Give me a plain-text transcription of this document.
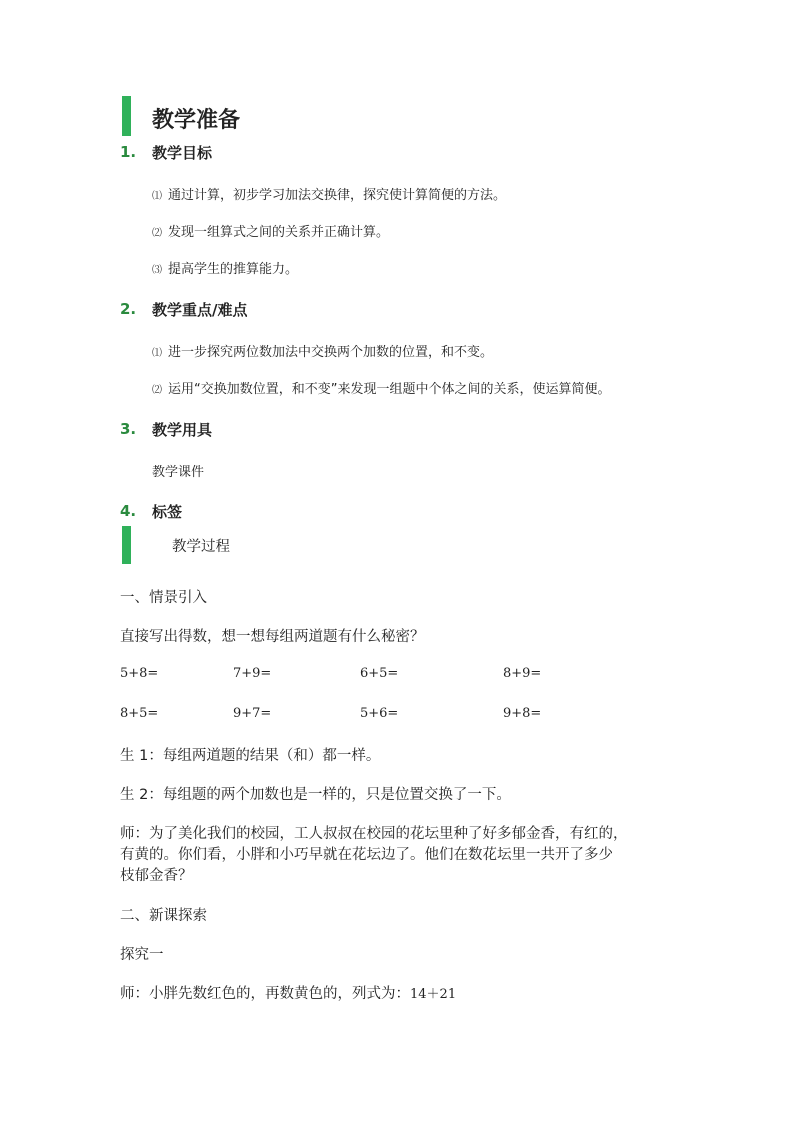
教学准备
1. 教学目标
⑴ 通过计算，初步学习加法交换律，探究使计算简便的方法。
⑵ 发现一组算式之间的关系并正确计算。
⑶ 提高学生的推算能力。
2. 教学重点/难点
⑴ 进一步探究两位数加法中交换两个加数的位置，和不变。
⑵ 运用“交换加数位置，和不变”来发现一组题中个体之间的关系，使运算简便。
3. 教学用具
教学课件
4. 标签
教学过程
一、情景引入
直接写出得数，想一想每组两道题有什么秘密？
5+8=	7+9=	6+5=	8+9=
8+5=	9+7=	5+6=	9+8=
生 1：每组两道题的结果（和）都一样。
生 2：每组题的两个加数也是一样的，只是位置交换了一下。
师：为了美化我们的校园，工人叔叔在校园的花坛里种了好多郁金香，有红的，
有黄的。你们看，小胖和小巧早就在花坛边了。他们在数花坛里一共开了多少
枝郁金香？
二、新课探索
探究一
师：小胖先数红色的，再数黄色的，列式为：14＋21
